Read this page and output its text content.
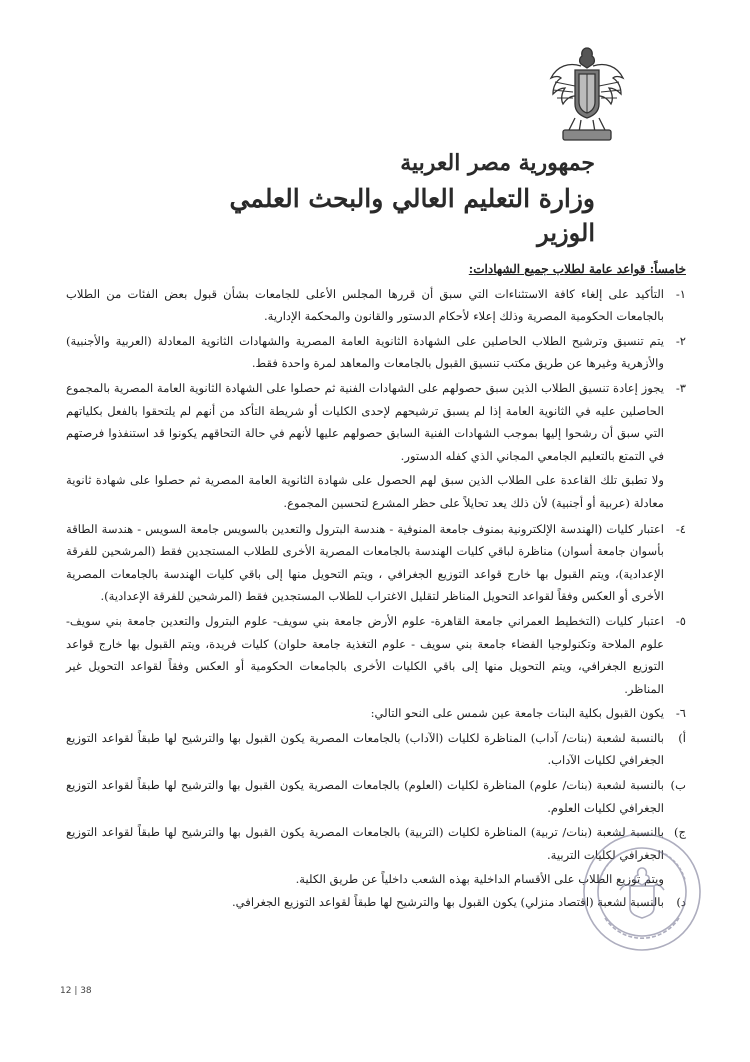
جمهورية مصر العربية
وزارة التعليم العالي والبحث العلمي
الوزير
خامساً: قواعد عامة لطلاب جميع الشهادات:
١-
التأكيد على إلغاء كافة الاستثناءات التي سبق أن قررها المجلس الأعلى للجامعات بشأن قبول بعض الفئات من الطلاب بالجامعات الحكومية المصرية وذلك إعلاء لأحكام الدستور والقانون والمحكمة الإدارية.
٢-
يتم تنسيق وترشيح الطلاب الحاصلين على الشهادة الثانوية العامة المصرية والشهادات الثانوية المعادلة (العربية والأجنبية) والأزهرية وغيرها عن طريق مكتب تنسيق القبول بالجامعات والمعاهد لمرة واحدة فقط.
٣-
يجوز إعادة تنسيق الطلاب الذين سبق حصولهم على الشهادات الفنية ثم حصلوا على الشهادة الثانوية العامة المصرية بالمجموع الحاصلين عليه في الثانوية العامة إذا لم يسبق ترشيحهم لإحدى الكليات أو شريطة التأكد من أنهم لم يلتحقوا بالفعل بكلياتهم التي سبق أن رشحوا إليها بموجب الشهادات الفنية السابق حصولهم عليها لأنهم في حالة التحاقهم يكونوا قد استنفذوا فرصتهم في التمتع بالتعليم الجامعي المجاني الذي كفله الدستور.
ولا تطبق تلك القاعدة على الطلاب الذين سبق لهم الحصول على شهادة الثانوية العامة المصرية ثم حصلوا على شهادة ثانوية معادلة (عربية أو أجنبية) لأن ذلك يعد تحايلاً على حظر المشرع لتحسين المجموع.
٤-
اعتبار كليات (الهندسة الإلكترونية بمنوف جامعة المنوفية - هندسة البترول والتعدين بالسويس جامعة السويس - هندسة الطاقة بأسوان جامعة أسوان) مناظرة لباقي كليات الهندسة بالجامعات المصرية الأخرى للطلاب المستجدين فقط (المرشحين للفرقة الإعدادية)، ويتم القبول بها خارج قواعد التوزيع الجغرافي ، ويتم التحويل منها إلى باقي كليات الهندسة بالجامعات المصرية الأخرى أو العكس وفقاً لقواعد التحويل المناظر لتقليل الاغتراب للطلاب المستجدين فقط (المرشحين للفرقة الإعدادية).
٥-
اعتبار كليات (التخطيط العمراني جامعة القاهرة- علوم الأرض جامعة بني سويف- علوم البترول والتعدين جامعة بني سويف- علوم الملاحة وتكنولوجيا الفضاء جامعة بني سويف - علوم التغذية جامعة حلوان) كليات فريدة، ويتم القبول بها خارج قواعد التوزيع الجغرافي، ويتم التحويل منها إلى باقي الكليات الأخرى بالجامعات الحكومية أو العكس وفقاً لقواعد التحويل غير المناظر.
٦-
يكون القبول بكلية البنات جامعة عين شمس على النحو التالي:
أ)
بالنسبة لشعبة (بنات/ آداب) المناظرة لكليات (الآداب) بالجامعات المصرية يكون القبول بها والترشيح لها طبقاً لقواعد التوزيع الجغرافي لكليات الآداب.
ب)
بالنسبة لشعبة (بنات/ علوم) المناظرة لكليات (العلوم) بالجامعات المصرية يكون القبول بها والترشيح لها طبقاً لقواعد التوزيع الجغرافي لكليات العلوم.
ج)
بالنسبة لشعبة (بنات/ تربية) المناظرة لكليات (التربية) بالجامعات المصرية يكون القبول بها والترشيح لها طبقاً لقواعد التوزيع الجغرافي لكليات التربية.
ويتم توزيع الطلاب على الأقسام الداخلية بهذه الشعب داخلياً عن طريق الكلية.
د)
بالنسبة لشعبة (اقتصاد منزلي) يكون القبول بها والترشيح لها طبقاً لقواعد التوزيع الجغرافي.
12 | 38
